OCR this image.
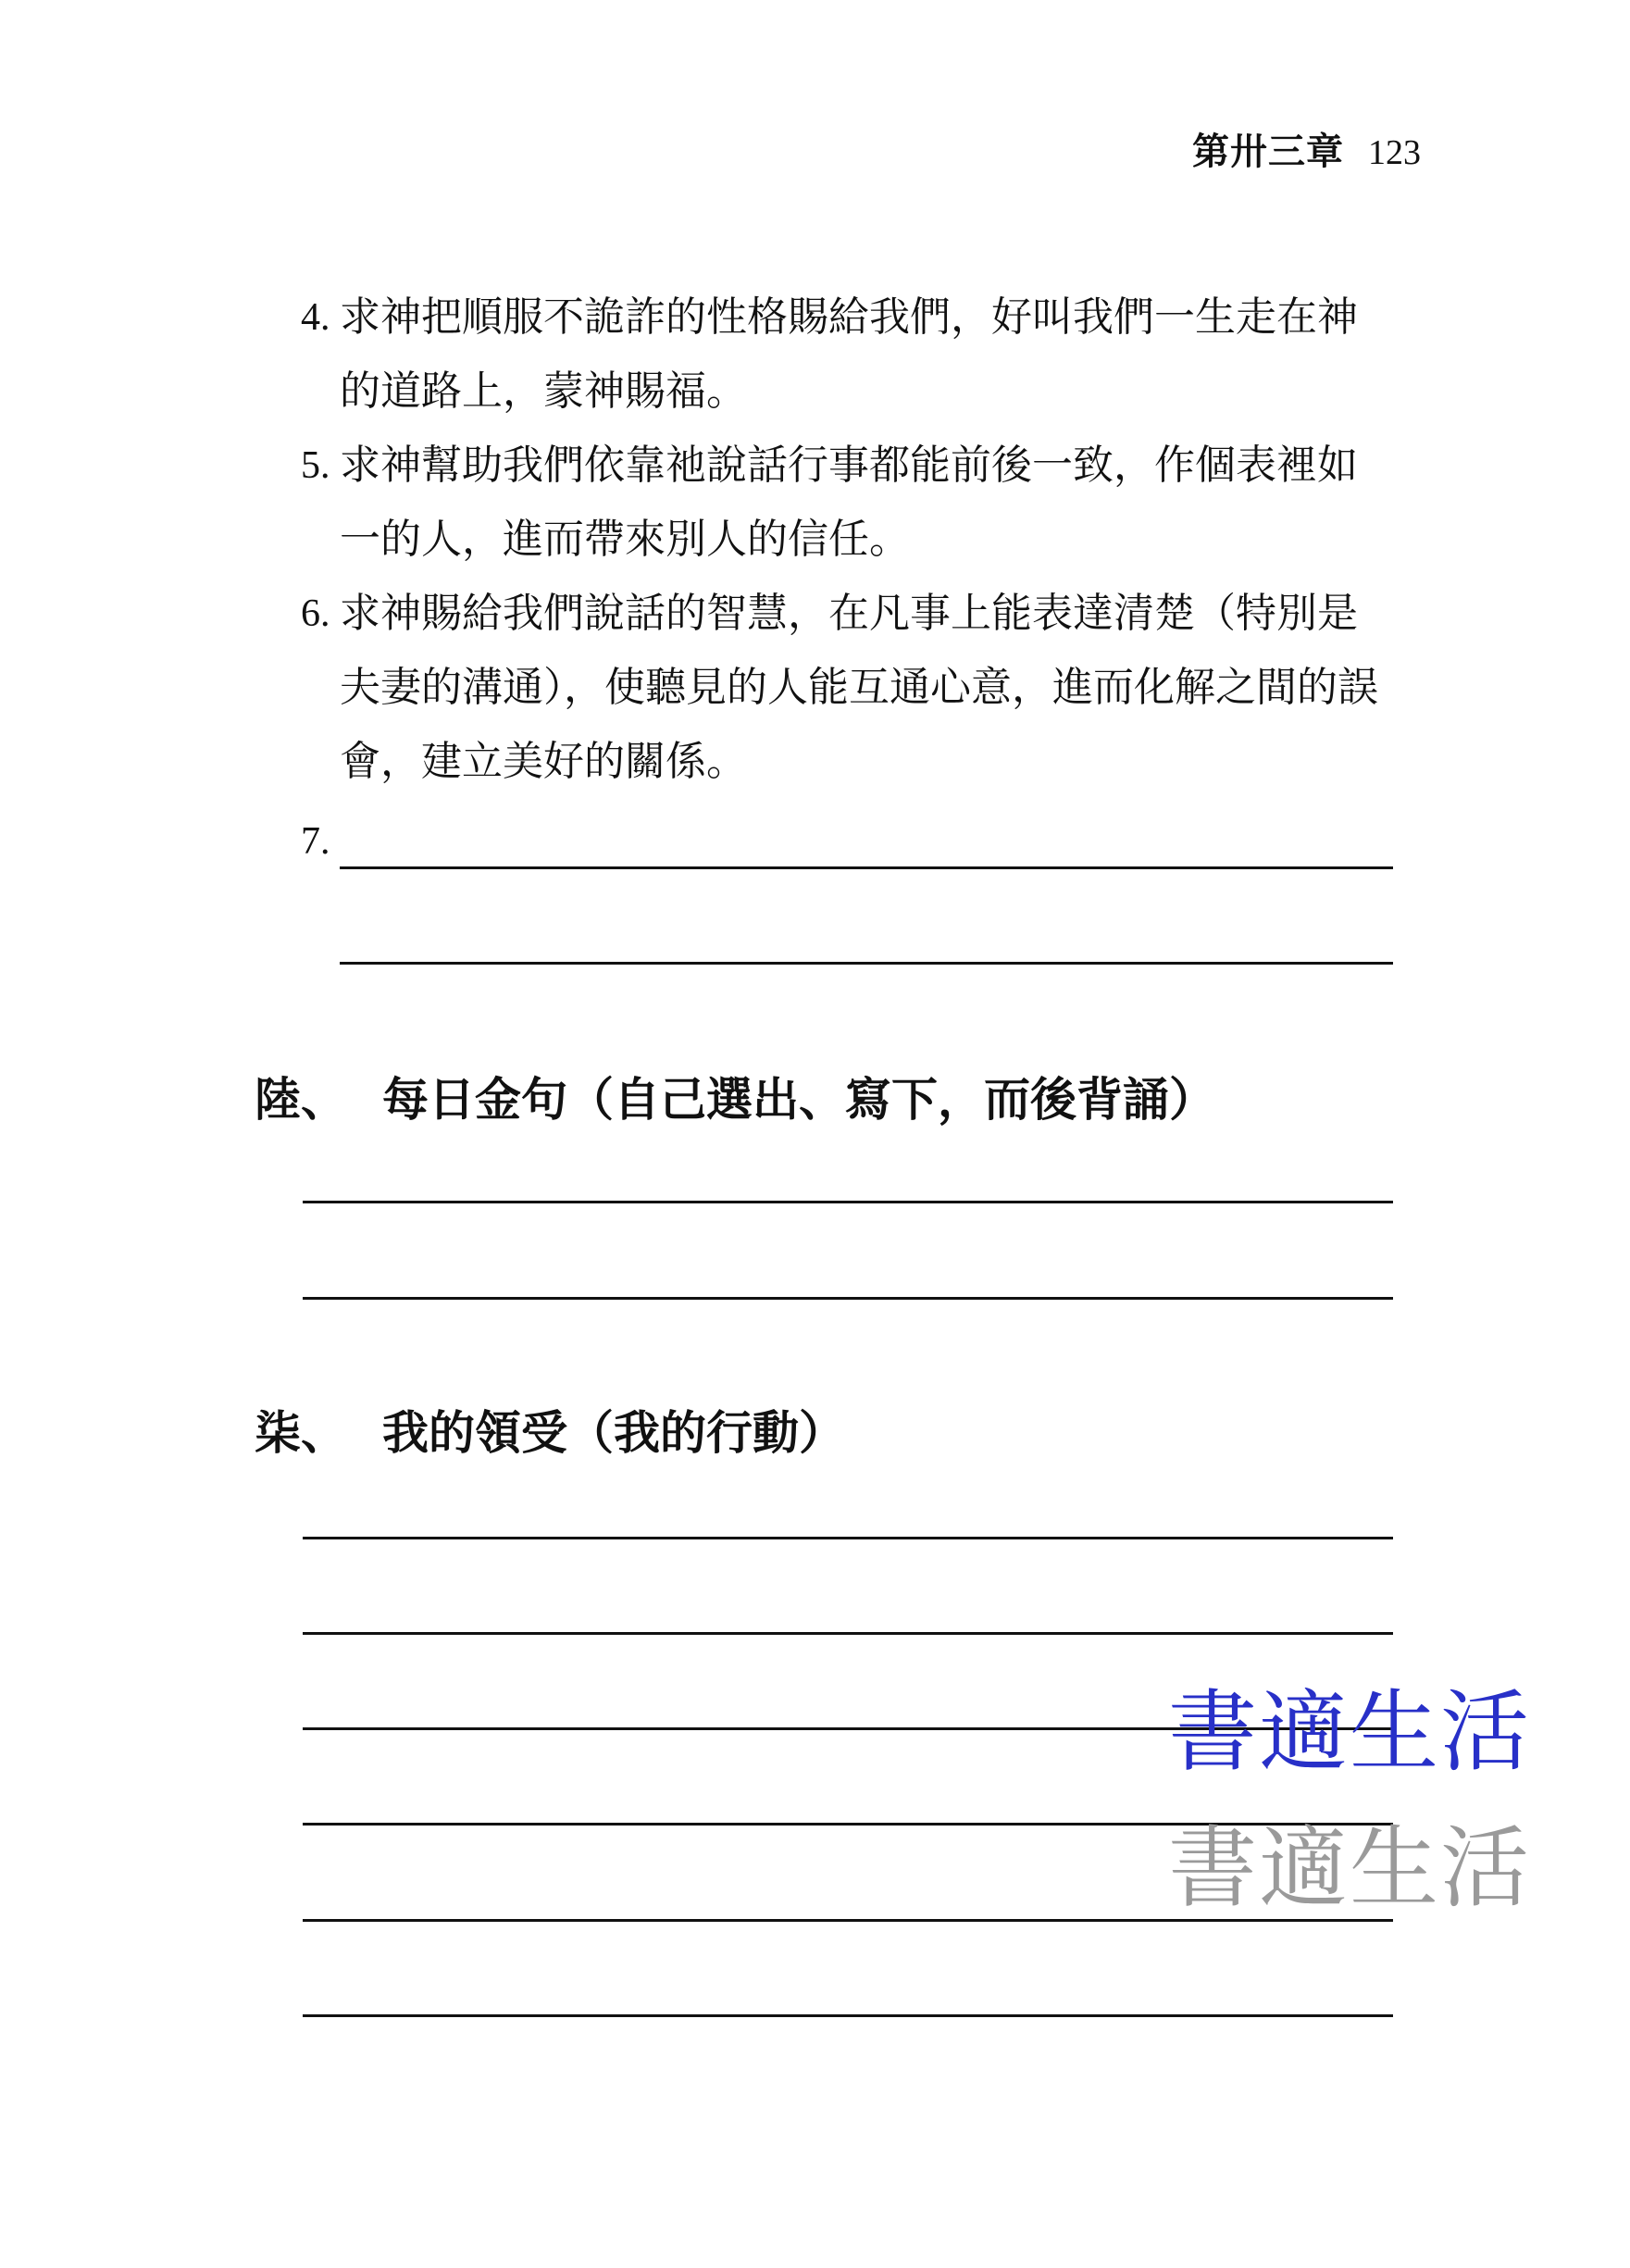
第卅三章 123
4. 求神把順服不詭詐的性格賜給我們，好叫我們一生走在神
的道路上，蒙神賜福。
5. 求神幫助我們依靠祂說話行事都能前後一致，作個表裡如
一的人，進而帶來別人的信任。
6. 求神賜給我們說話的智慧，在凡事上能表達清楚（特別是
夫妻的溝通），使聽見的人能互通心意，進而化解之間的誤
會，建立美好的關係。
7.
陸、 每日金句（自己選出、寫下，而後背誦）
柒、 我的領受（我的行動）
書適生活
書適生活
